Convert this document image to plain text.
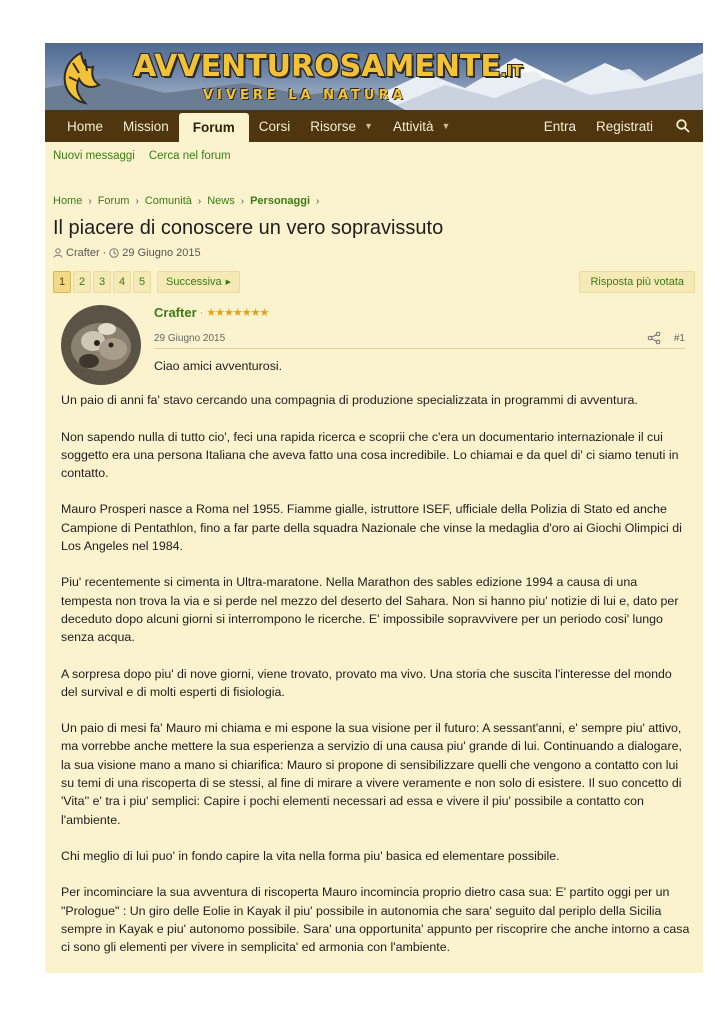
AVVENTUROSAMENTE.IT
VIVERE LA NATURA
Home	Mission	Forum	Corsi	Risorse ▼ Attività ▼	Entra	Registrati
Nuovi messaggi Cerca nel forum
Home › Forum › Comunità › News › Personaggi ›
Il piacere di conoscere un vero sopravissuto
Crafter · 29 Giugno 2015
1	2	3	4	5	Successiva ▶	Risposta più votata
Crafter · ★★★★★★★
29 Giugno 2015	#1

Ciao amici avventurosi.

Un paio di anni fa' stavo cercando una compagnia di produzione specializzata in programmi di avventura.

Non sapendo nulla di tutto cio', feci una rapida ricerca e scoprii che c'era un documentario internazionale il cui soggetto era una persona Italiana che aveva fatto una cosa incredibile. Lo chiamai e da quel di' ci siamo tenuti in contatto.

Mauro Prosperi nasce a Roma nel 1955. Fiamme gialle, istruttore ISEF, ufficiale della Polizia di Stato ed anche Campione di Pentathlon, fino a far parte della squadra Nazionale che vinse la medaglia d'oro ai Giochi Olimpici di Los Angeles nel 1984.

Piu' recentemente si cimenta in Ultra-maratone. Nella Marathon des sables edizione 1994 a causa di una tempesta non trova la via e si perde nel mezzo del deserto del Sahara. Non si hanno piu' notizie di lui e, dato per deceduto dopo alcuni giorni si interrompono le ricerche. E' impossibile sopravvivere per un periodo cosi' lungo senza acqua.

A sorpresa dopo piu' di nove giorni, viene trovato, provato ma vivo. Una storia che suscita l'interesse del mondo del survival e di molti esperti di fisiologia.

Un paio di mesi fa' Mauro mi chiama e mi espone la sua visione per il futuro: A sessant'anni, e' sempre piu' attivo, ma vorrebbe anche mettere la sua esperienza a servizio di una causa piu' grande di lui. Continuando a dialogare, la sua visione mano a mano si chiarifica: Mauro si propone di sensibilizzare quelli che vengono a contatto con lui su temi di una riscoperta di se stessi, al fine di mirare a vivere veramente e non solo di esistere. Il suo concetto di 'Vita'' e' tra i piu' semplici: Capire i pochi elementi necessari ad essa e vivere il piu' possibile a contatto con l'ambiente.

Chi meglio di lui puo' in fondo capire la vita nella forma piu' basica ed elementare possibile.

Per incominciare la sua avventura di riscoperta Mauro incomincia proprio dietro casa sua: E' partito oggi per un "Prologue" : Un giro delle Eolie in Kayak il piu' possibile in autonomia che sara' seguito dal periplo della Sicilia sempre in Kayak e piu' autonomo possibile. Sara' una opportunita' appunto per riscoprire che anche intorno a casa ci sono gli elementi per vivere in semplicita' ed armonia con l'ambiente.
